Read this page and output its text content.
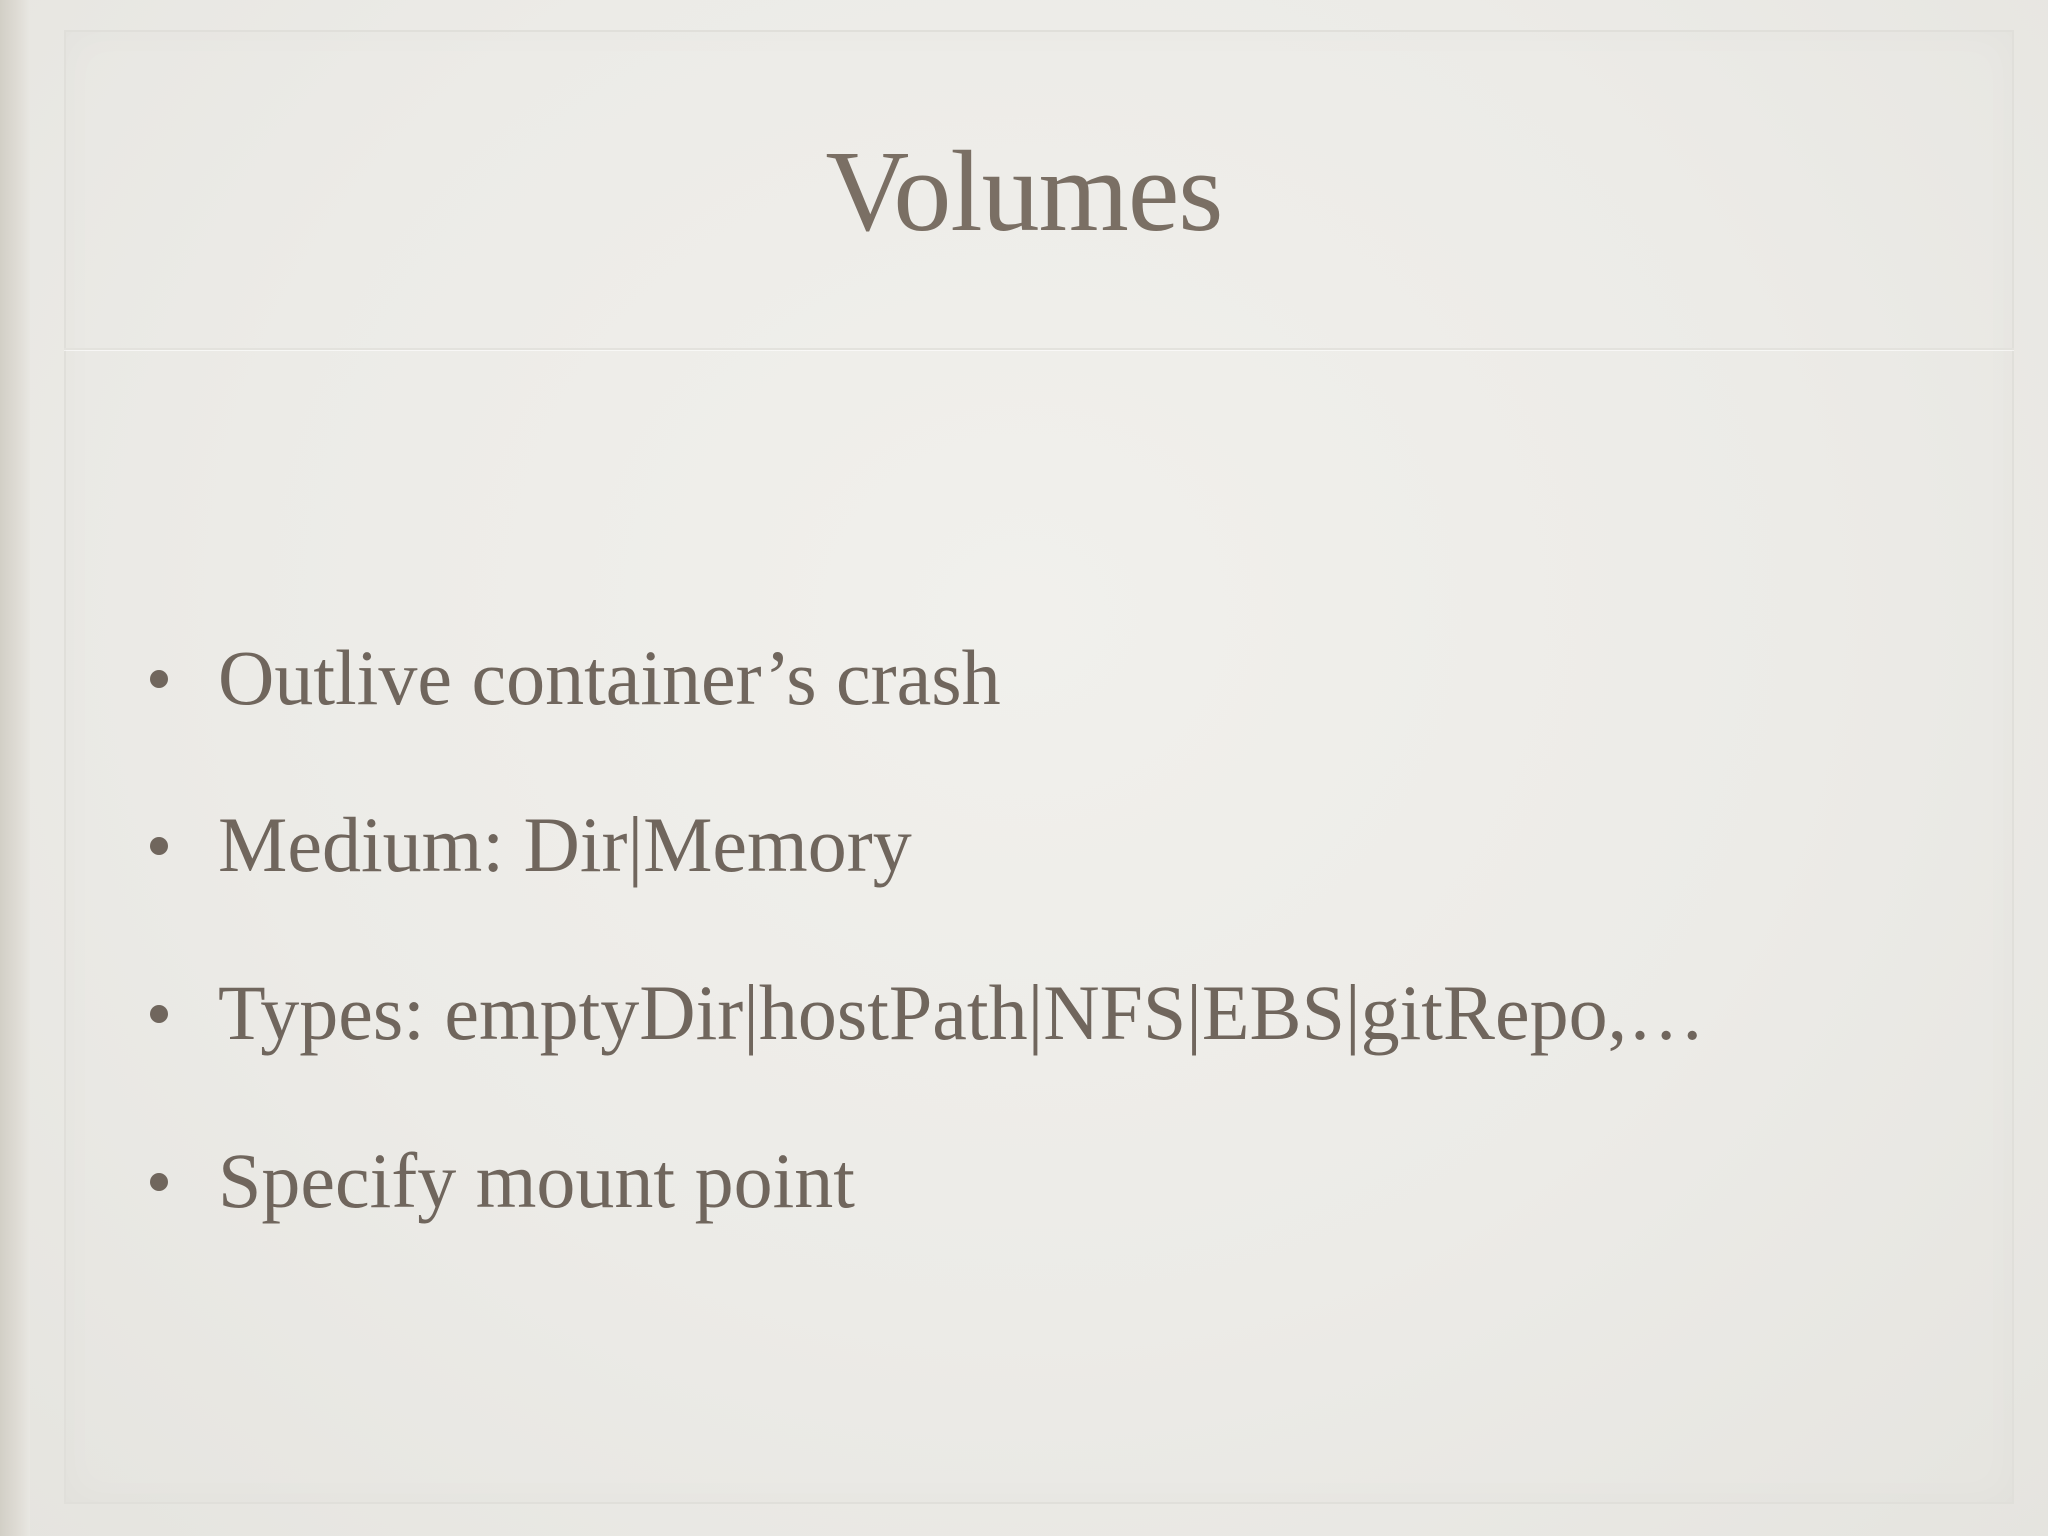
Volumes
Outlive container’s crash
Medium: Dir|Memory
Types: emptyDir|hostPath|NFS|EBS|gitRepo,…
Specify mount point
